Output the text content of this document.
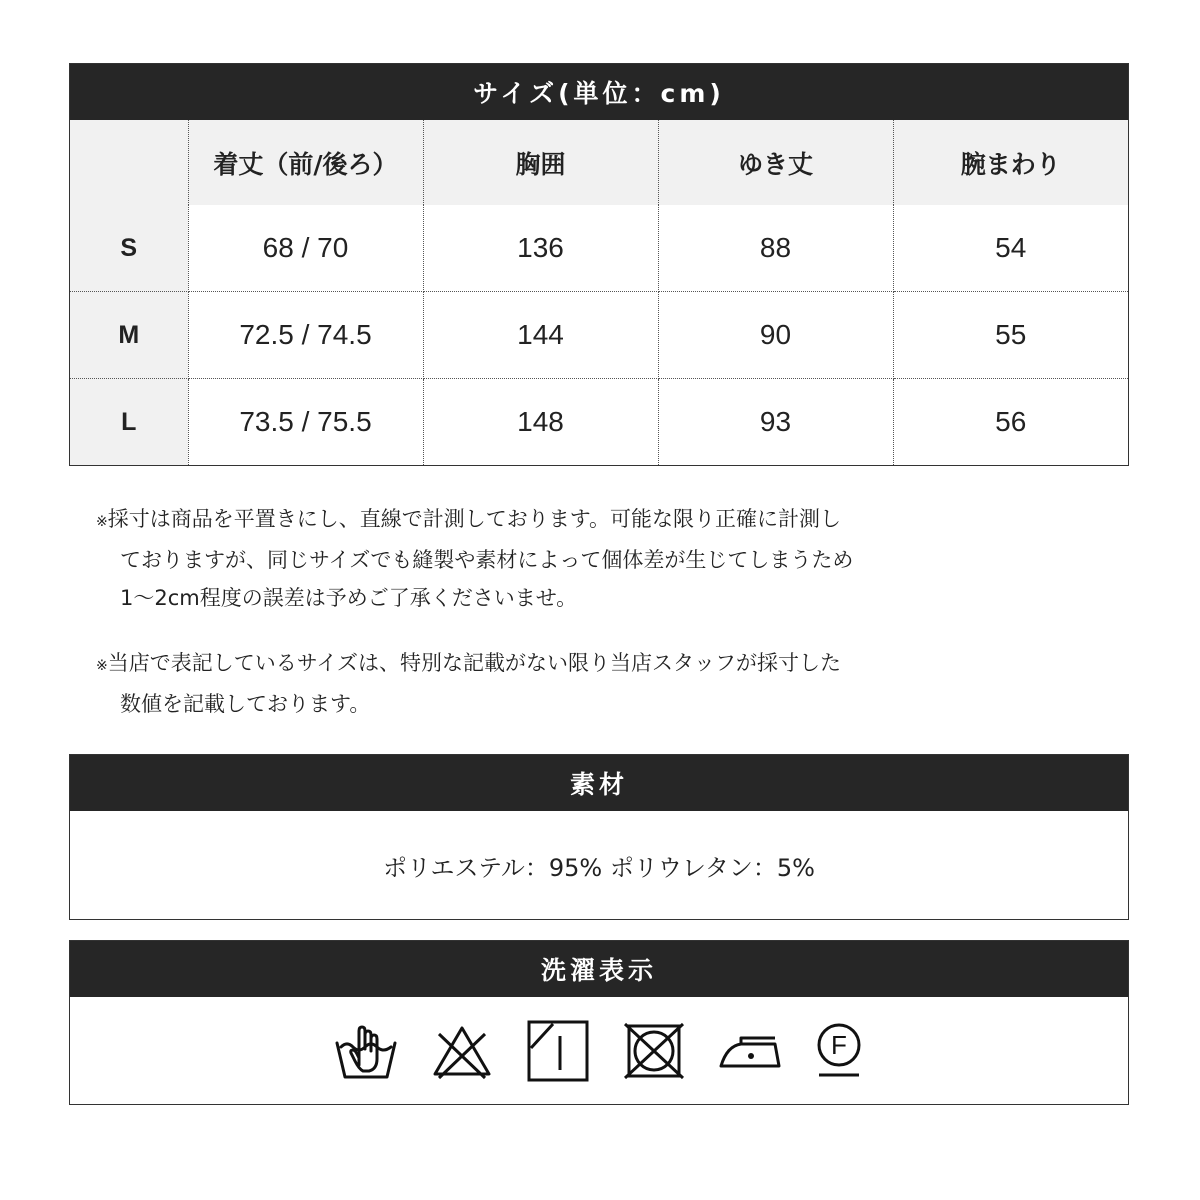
サイズ(単位：cm)
	着丈（前/後ろ）	胸囲	ゆき丈	腕まわり
S	68 / 70	136	88	54
M	72.5 / 74.5	144	90	55
L	73.5 / 75.5	148	93	56
※採寸は商品を平置きにし、直線で計測しております。可能な限り正確に計測し
ておりますが、同じサイズでも縫製や素材によって個体差が生じてしまうため
1〜2cm程度の誤差は予めご了承くださいませ。
※当店で表記しているサイズは、特別な記載がない限り当店スタッフが採寸した
数値を記載しております。
素材
ポリエステル：95% ポリウレタン：5%
洗濯表示
F
